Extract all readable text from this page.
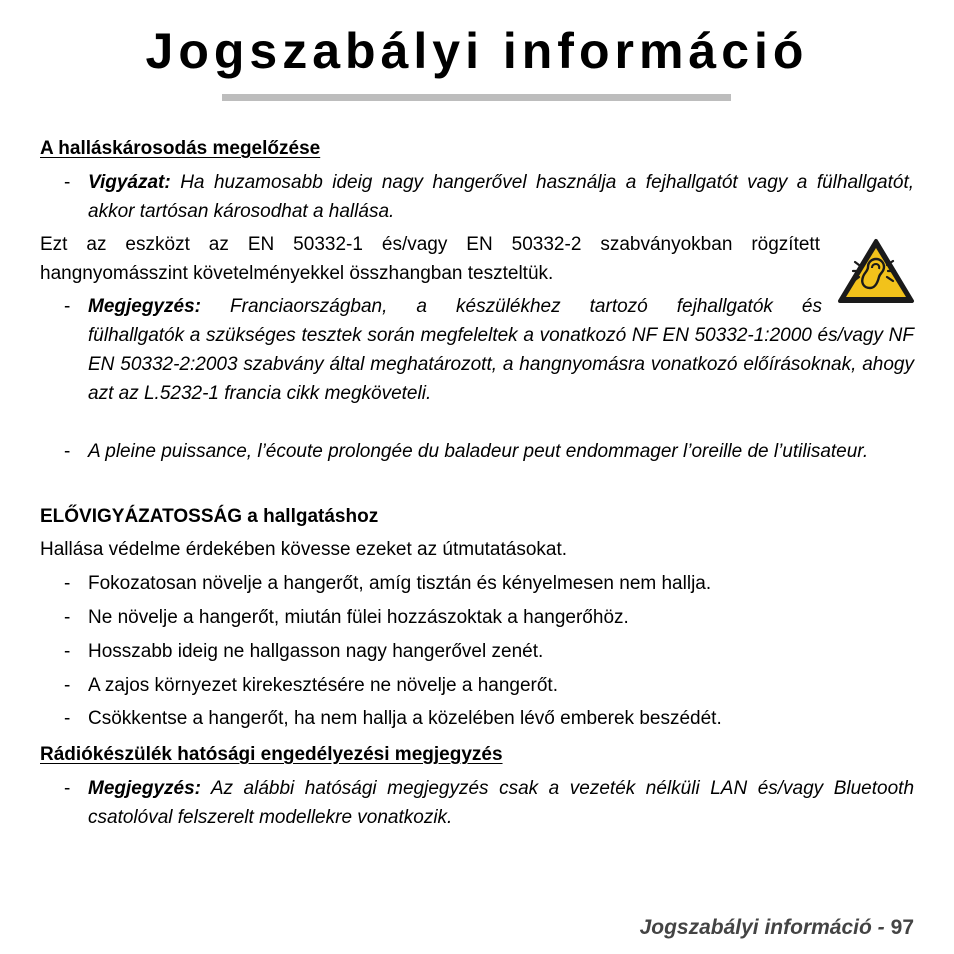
Jogszabályi információ
A halláskárosodás megelőzése
- Vigyázat: Ha huzamosabb ideig nagy hangerővel használja a fejhallgatót vagy a fülhallgatót, akkor tartósan károsodhat a hallása.
Ezt az eszközt az EN 50332-1 és/vagy EN 50332-2 szabványokban rögzített hangnyomásszint követelményekkel összhangban teszteltük.
- Megjegyzés: Franciaországban, a készülékhez tartozó fejhallgatók és
fülhallgatók a szükséges tesztek során megfeleltek a vonatkozó NF EN 50332-1:2000 és/vagy NF EN 50332-2:2003 szabvány által meghatározott, a hangnyomásra vonatkozó előírásoknak, ahogy azt az L.5232-1 francia cikk megköveteli.
- A pleine puissance, l’écoute prolongée du baladeur peut endommager l’oreille de l’utilisateur.
ELŐVIGYÁZATOSSÁG a hallgatáshoz
Hallása védelme érdekében kövesse ezeket az útmutatásokat.
- Fokozatosan növelje a hangerőt, amíg tisztán és kényelmesen nem hallja.
- Ne növelje a hangerőt, miután fülei hozzászoktak a hangerőhöz.
- Hosszabb ideig ne hallgasson nagy hangerővel zenét.
- A zajos környezet kirekesztésére ne növelje a hangerőt.
- Csökkentse a hangerőt, ha nem hallja a közelében lévő emberek beszédét.
Rádiókészülék hatósági engedélyezési megjegyzés
- Megjegyzés: Az alábbi hatósági megjegyzés csak a vezeték nélküli LAN és/vagy Bluetooth csatolóval felszerelt modellekre vonatkozik.
Jogszabályi információ - 97
